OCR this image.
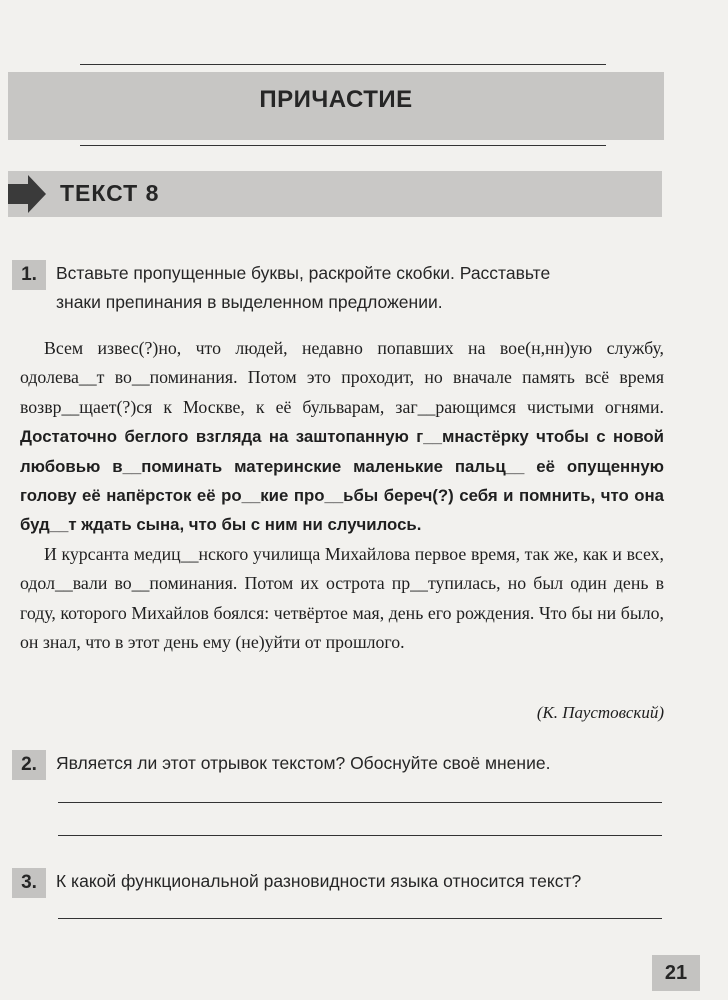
ПРИЧАСТИЕ
ТЕКСТ 8
1.	Вставьте пропущенные буквы, раскройте скобки. Расставьте
знаки препинания в выделенном предложении.

Всем извес(?)но, что людей, недавно попавших на вое(н,нн)ую службу, одолева__т во__поминания. Потом это проходит, но вначале память всё время возвр__щает(?)ся к Москве, к её бульварам, заг__рающимся чистыми огнями. Достаточно беглого взгляда на заштопанную г__мнастёрку чтобы с новой любовью в__поминать материнские маленькие пальц__ её опущенную голову её напёрсток её ро__кие про__ьбы береч(?) себя и помнить, что она буд__т ждать сына, что бы с ним ни случилось.

И курсанта медиц__нского училища Михайлова первое время, так же, как и всех, одол__вали во__поминания. Потом их острота пр__тупилась, но был один день в году, которого Михайлов боялся: четвёртое мая, день его рождения. Что бы ни было, он знал, что в этот день ему (не)уйти от прошлого.

(К. Паустовский)
2.	Является ли этот отрывок текстом? Обоснуйте своё мнение.
3.	К какой функциональной разновидности языка относится текст?
21
